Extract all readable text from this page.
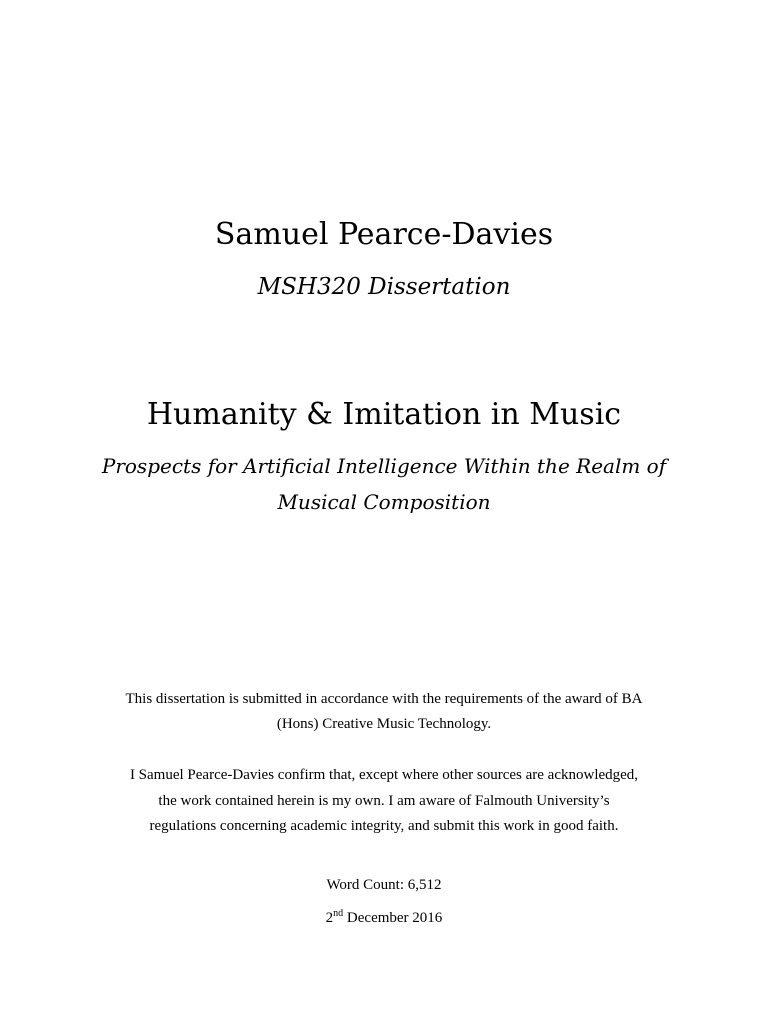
Samuel Pearce-Davies
MSH320 Dissertation
Humanity & Imitation in Music
Prospects for Artificial Intelligence Within the Realm of
Musical Composition
This dissertation is submitted in accordance with the requirements of the award of BA
(Hons) Creative Music Technology.
I Samuel Pearce-Davies confirm that, except where other sources are acknowledged,
the work contained herein is my own. I am aware of Falmouth University’s
regulations concerning academic integrity, and submit this work in good faith.
Word Count: 6,512
2nd December 2016
